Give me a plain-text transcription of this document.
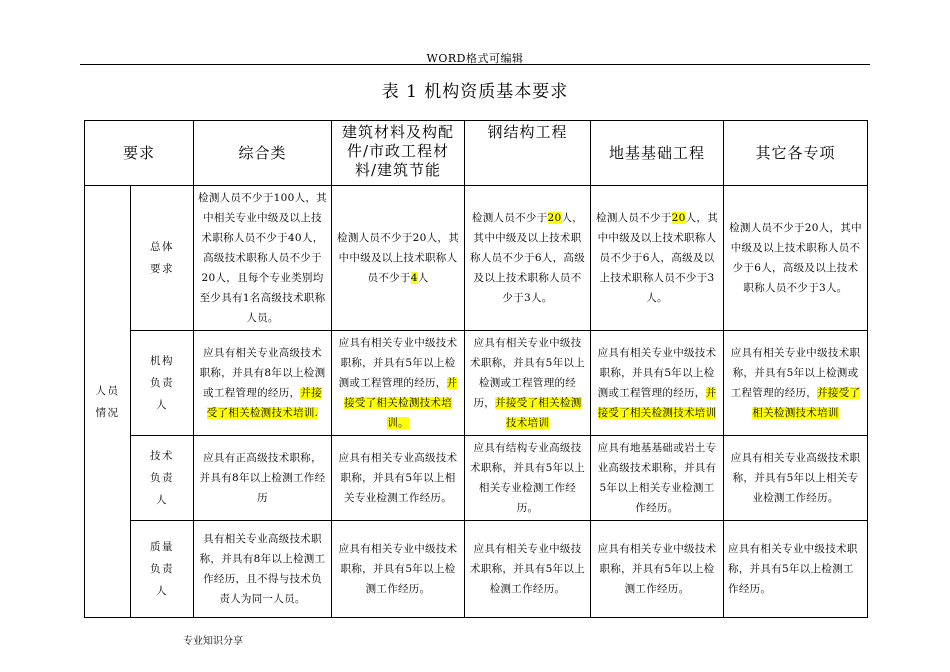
WORD格式可编辑
表 1 机构资质基本要求
要求		综合类	建筑材料及构配件/市政工程材料/建筑节能	钢结构工程	地基基础工程	其它各专项
人员情况	总体要求	检测人员不少于100人，其中相关专业中级及以上技术职称人员不少于40人，高级技术职称人员不少于20人，且每个专业类别均至少具有1名高级技术职称人员。	检测人员不少于20人，其中中级及以上技术职称人员不少于4人	检测人员不少于20人，其中中级及以上技术职称人员不少于6人，高级及以上技术职称人员不少于3人。	检测人员不少于20人，其中中级及以上技术职称人员不少于6人，高级及以上技术职称人员不少于3人。	检测人员不少于20人，其中中级及以上技术职称人员不少于6人，高级及以上技术职称人员不少于3人。
	机构负责人	应具有相关专业高级技术职称，并具有8年以上检测或工程管理的经历，并接受了相关检测技术培训.	应具有相关专业中级技术职称，并具有5年以上检测或工程管理的经历，并接受了相关检测技术培训。	应具有相关专业中级技术职称，并具有5年以上检测或工程管理的经历，并接受了相关检测技术培训	应具有相关专业中级技术职称，并具有5年以上检测或工程管理的经历，并接受了相关检测技术培训	应具有相关专业中级技术职称，并具有5年以上检测或工程管理的经历，并接受了相关检测技术培训
	技术负责人	应具有正高级技术职称，并具有8年以上检测工作经历	应具有相关专业高级技术职称，并具有5年以上相关专业检测工作经历。	应具有结构专业高级技术职称，并具有5年以上相关专业检测工作经历。	应具有地基基础或岩土专业高级技术职称，并具有5年以上相关专业检测工作经历。	应具有相关专业高级技术职称，并具有5年以上相关专业检测工作经历。
	质量负责人	具有相关专业高级技术职称，并具有8年以上检测工作经历，且不得与技术负责人为同一人员。	应具有相关专业中级技术职称，并具有5年以上检测工作经历。	应具有相关专业中级技术职称，并具有5年以上检测工作经历。	应具有相关专业中级技术职称，并具有5年以上检测工作经历。	应具有相关专业中级技术职称，并具有5年以上检测工作经历。
专业知识分享
